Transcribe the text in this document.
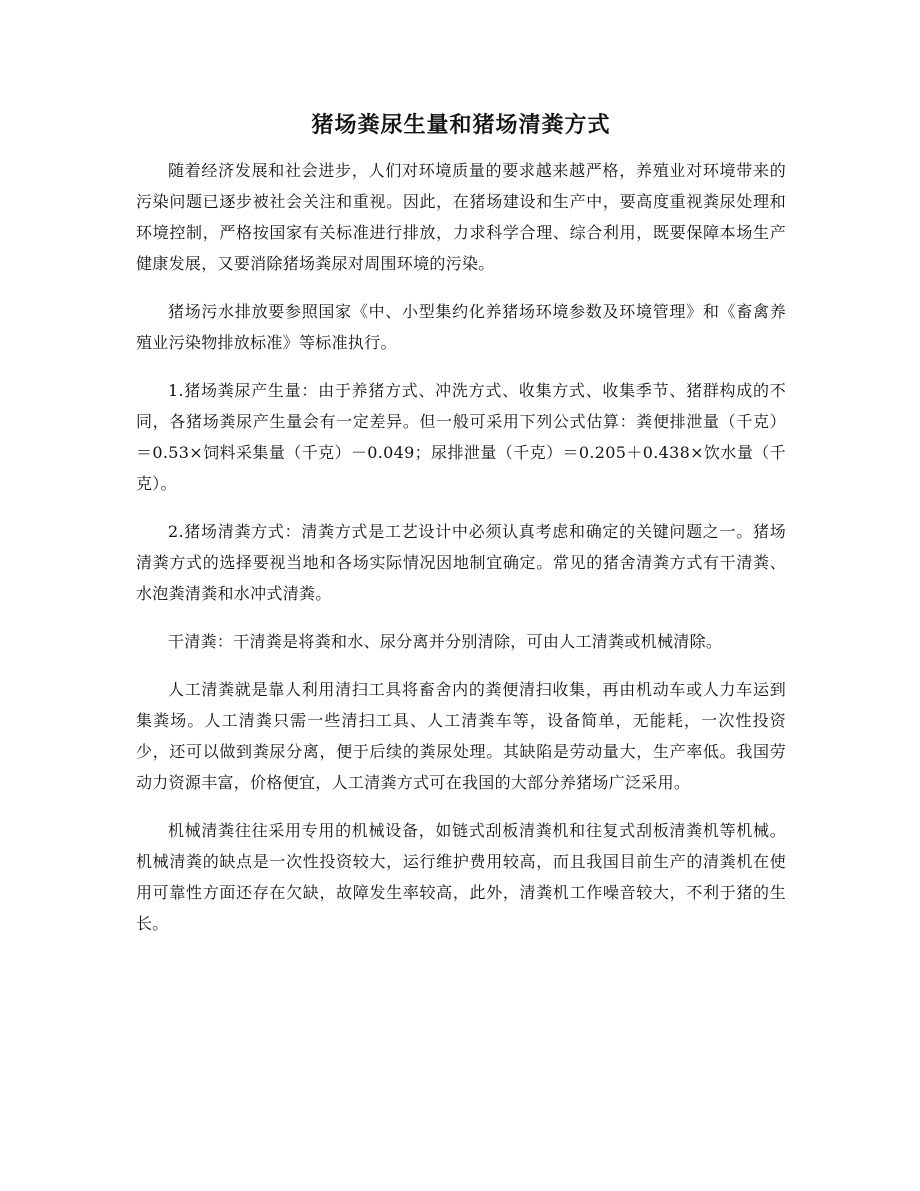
猪场粪尿生量和猪场清粪方式

随着经济发展和社会进步，人们对环境质量的要求越来越严格，养殖业对环境带来的污染问题已逐步被社会关注和重视。因此，在猪场建设和生产中，要高度重视粪尿处理和环境控制，严格按国家有关标准进行排放，力求科学合理、综合利用，既要保障本场生产健康发展，又要消除猪场粪尿对周围环境的污染。

猪场污水排放要参照国家《中、小型集约化养猪场环境参数及环境管理》和《畜禽养殖业污染物排放标准》等标准执行。

1.猪场粪尿产生量：由于养猪方式、冲洗方式、收集方式、收集季节、猪群构成的不同，各猪场粪尿产生量会有一定差异。但一般可采用下列公式估算：粪便排泄量（千克）＝0.53×饲料采集量（千克）－0.049；尿排泄量（千克）＝0.205＋0.438×饮水量（千克）。

2.猪场清粪方式：清粪方式是工艺设计中必须认真考虑和确定的关键问题之一。猪场清粪方式的选择要视当地和各场实际情况因地制宜确定。常见的猪舍清粪方式有干清粪、水泡粪清粪和水冲式清粪。

干清粪：干清粪是将粪和水、尿分离并分别清除，可由人工清粪或机械清除。

人工清粪就是靠人利用清扫工具将畜舍内的粪便清扫收集，再由机动车或人力车运到集粪场。人工清粪只需一些清扫工具、人工清粪车等，设备简单，无能耗，一次性投资少，还可以做到粪尿分离，便于后续的粪尿处理。其缺陷是劳动量大，生产率低。我国劳动力资源丰富，价格便宜，人工清粪方式可在我国的大部分养猪场广泛采用。

机械清粪往往采用专用的机械设备，如链式刮板清粪机和往复式刮板清粪机等机械。机械清粪的缺点是一次性投资较大，运行维护费用较高，而且我国目前生产的清粪机在使用可靠性方面还存在欠缺，故障发生率较高，此外，清粪机工作噪音较大，不利于猪的生长。
